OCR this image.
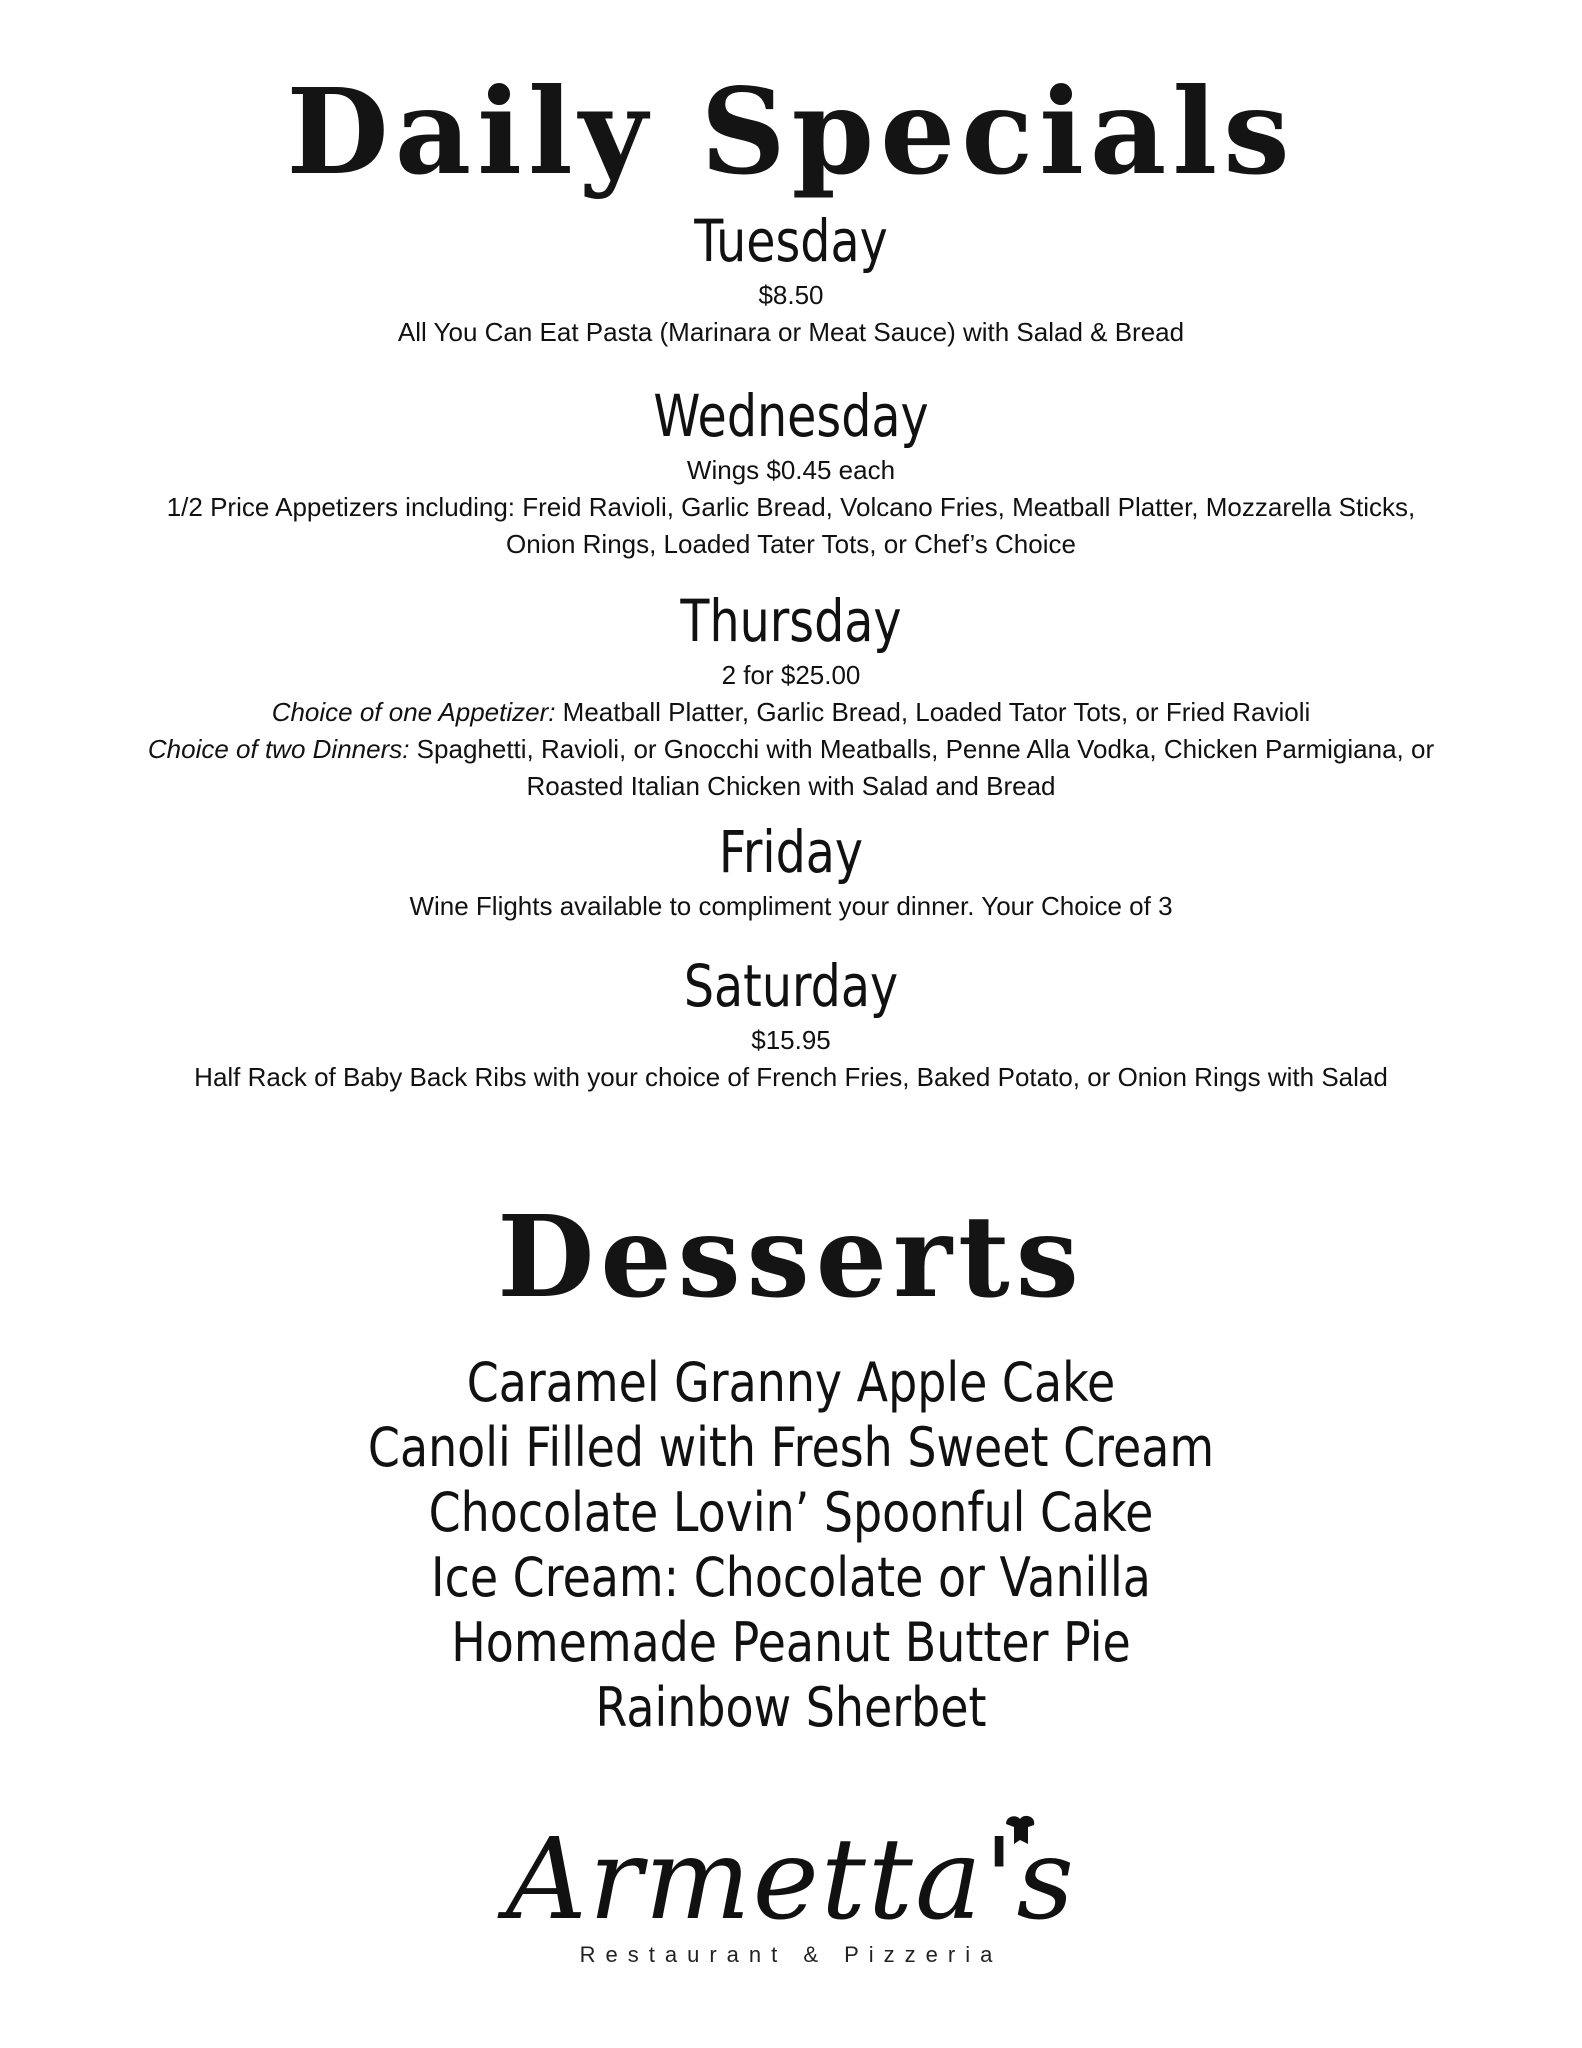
Daily Specials
Tuesday
$8.50
All You Can Eat Pasta (Marinara or Meat Sauce) with Salad & Bread
Wednesday
Wings $0.45 each
1/2 Price Appetizers including: Freid Ravioli, Garlic Bread, Volcano Fries, Meatball Platter, Mozzarella Sticks,
Onion Rings, Loaded Tater Tots, or Chef’s Choice
Thursday
2 for $25.00
Choice of one Appetizer: Meatball Platter, Garlic Bread, Loaded Tator Tots, or Fried Ravioli
Choice of two Dinners: Spaghetti, Ravioli, or Gnocchi with Meatballs, Penne Alla Vodka, Chicken Parmigiana, or
Roasted Italian Chicken with Salad and Bread
Friday
Wine Flights available to compliment your dinner. Your Choice of 3
Saturday
$15.95
Half Rack of Baby Back Ribs with your choice of French Fries, Baked Potato, or Onion Rings with Salad
Desserts
Caramel Granny Apple Cake
Canoli Filled with Fresh Sweet Cream
Chocolate Lovin’ Spoonful Cake
Ice Cream: Chocolate or Vanilla
Homemade Peanut Butter Pie
Rainbow Sherbet
Armetta's
Restaurant & Pizzeria
